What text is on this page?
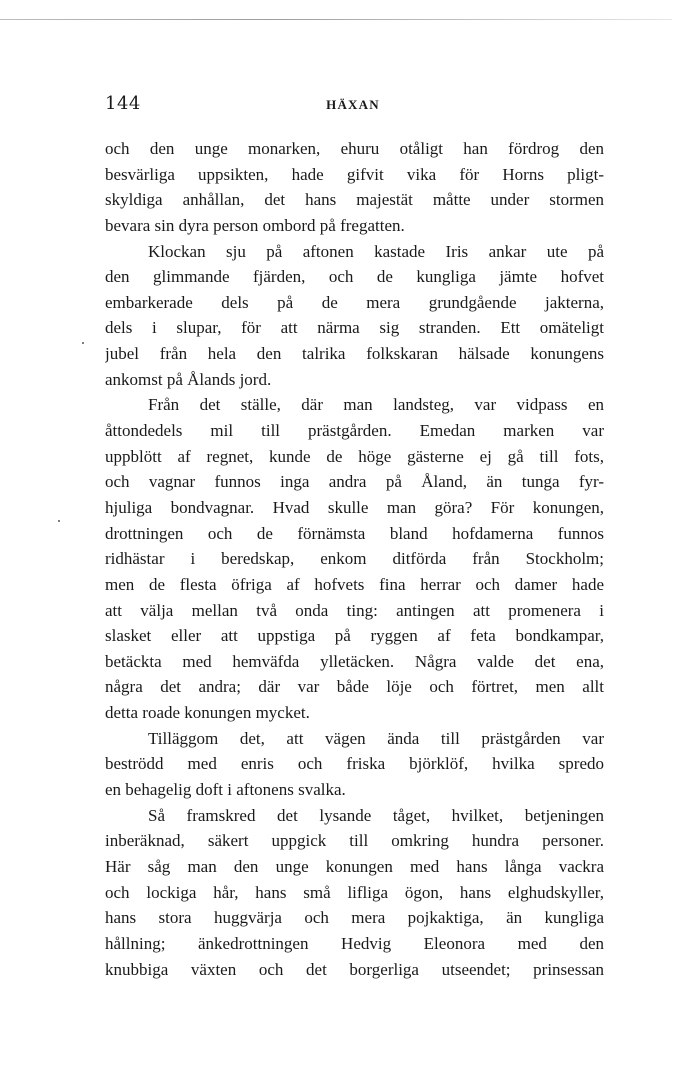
144	HÄXAN
och den unge monarken, ehuru otåligt han fördrog den
besvärliga uppsikten, hade gifvit vika för Horns pligt-
skyldiga anhållan, det hans majestät måtte under stormen
bevara sin dyra person ombord på fregatten.
Klockan sju på aftonen kastade Iris ankar ute på
den glimmande fjärden, och de kungliga jämte hofvet
embarkerade dels på de mera grundgående jakterna,
dels i slupar, för att närma sig stranden. Ett omäteligt
jubel från hela den talrika folkskaran hälsade konungens
ankomst på Ålands jord.
Från det ställe, där man landsteg, var vidpass en
åttondedels mil till prästgården. Emedan marken var
uppblött af regnet, kunde de höge gästerne ej gå till fots,
och vagnar funnos inga andra på Åland, än tunga fyr-
hjuliga bondvagnar. Hvad skulle man göra? För konungen,
drottningen och de förnämsta bland hofdamerna funnos
ridhästar i beredskap, enkom ditförda från Stockholm;
men de flesta öfriga af hofvets fina herrar och damer hade
att välja mellan två onda ting: antingen att promenera i
slasket eller att uppstiga på ryggen af feta bondkampar,
betäckta med hemväfda ylletäcken. Några valde det ena,
några det andra; där var både löje och förtret, men allt
detta roade konungen mycket.
Tilläggom det, att vägen ända till prästgården var
beströdd med enris och friska björklöf, hvilka spredo
en behagelig doft i aftonens svalka.
Så framskred det lysande tåget, hvilket, betjeningen
inberäknad, säkert uppgick till omkring hundra personer.
Här såg man den unge konungen med hans långa vackra
och lockiga hår, hans små lifliga ögon, hans elghudskyller,
hans stora huggvärja och mera pojkaktiga, än kungliga
hållning; änkedrottningen Hedvig Eleonora med den
knubbiga växten och det borgerliga utseendet; prinsessan
